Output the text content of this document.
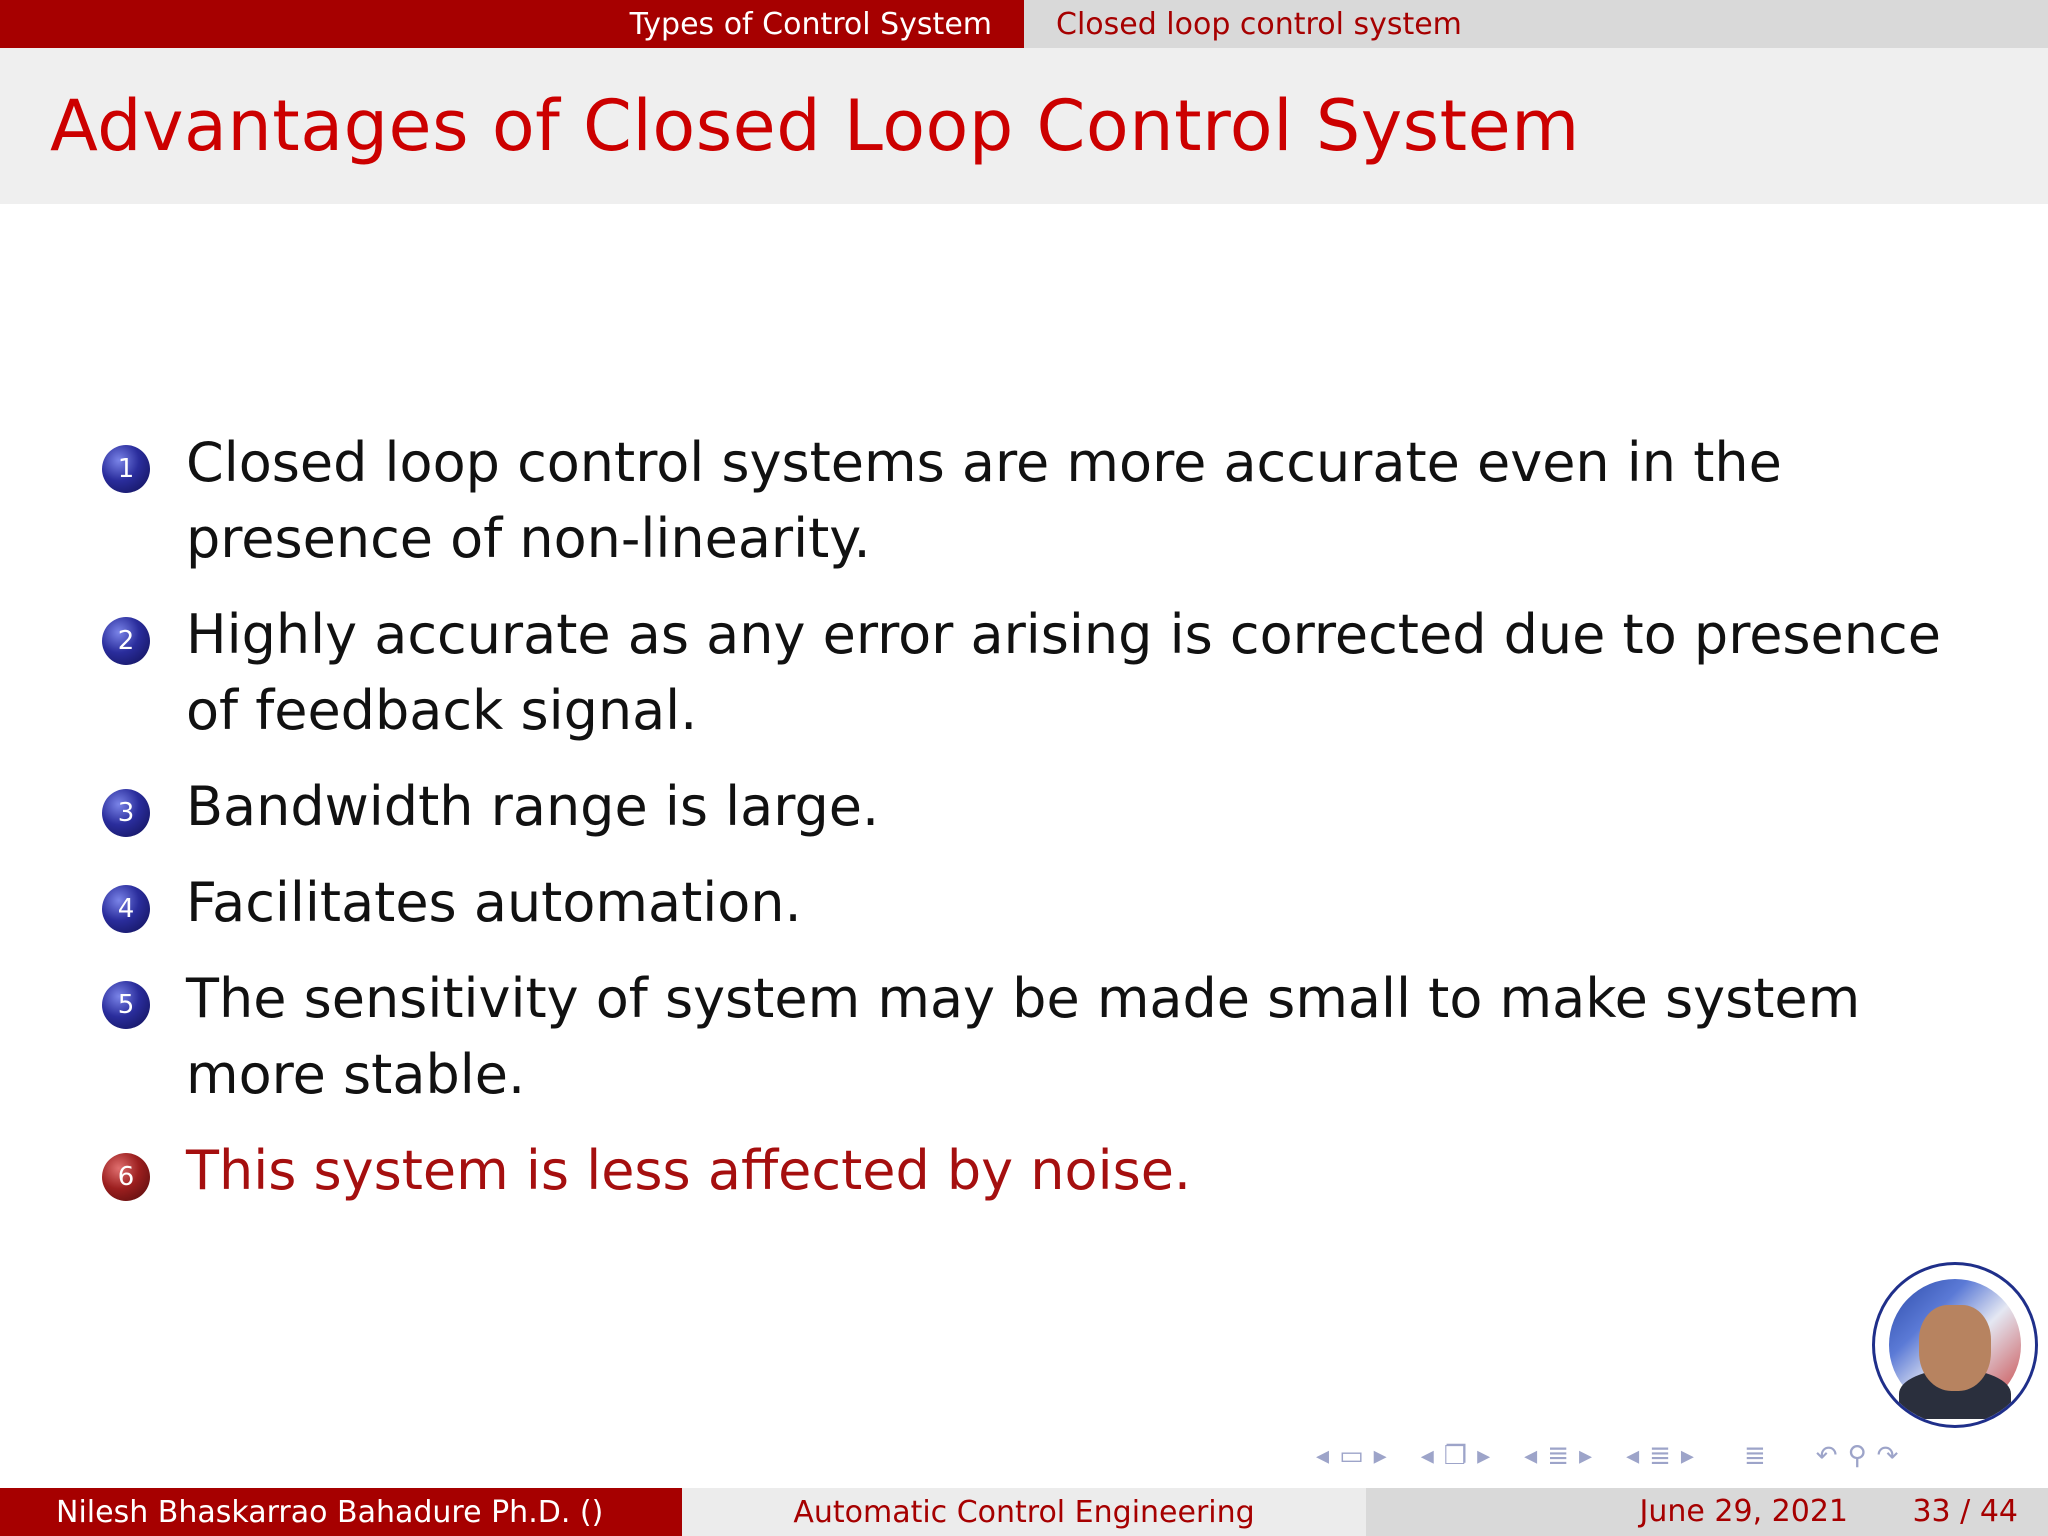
Types of Control System	Closed loop control system
Advantages of Closed Loop Control System
1 Closed loop control systems are more accurate even in the presence of non-linearity.
2 Highly accurate as any error arising is corrected due to presence of feedback signal.
3 Bandwidth range is large.
4 Facilitates automation.
5 The sensitivity of system may be made small to make system more stable.
6 This system is less affected by noise.
◂ ▭ ▸ ◂ ❐ ▸ ◂ ≣ ▸ ◂ ≣ ▸ ≣ ↶ ⚲ ↷
Nilesh Bhaskarrao Bahadure Ph.D. ()	Automatic Control Engineering	June 29, 2021 33 / 44
